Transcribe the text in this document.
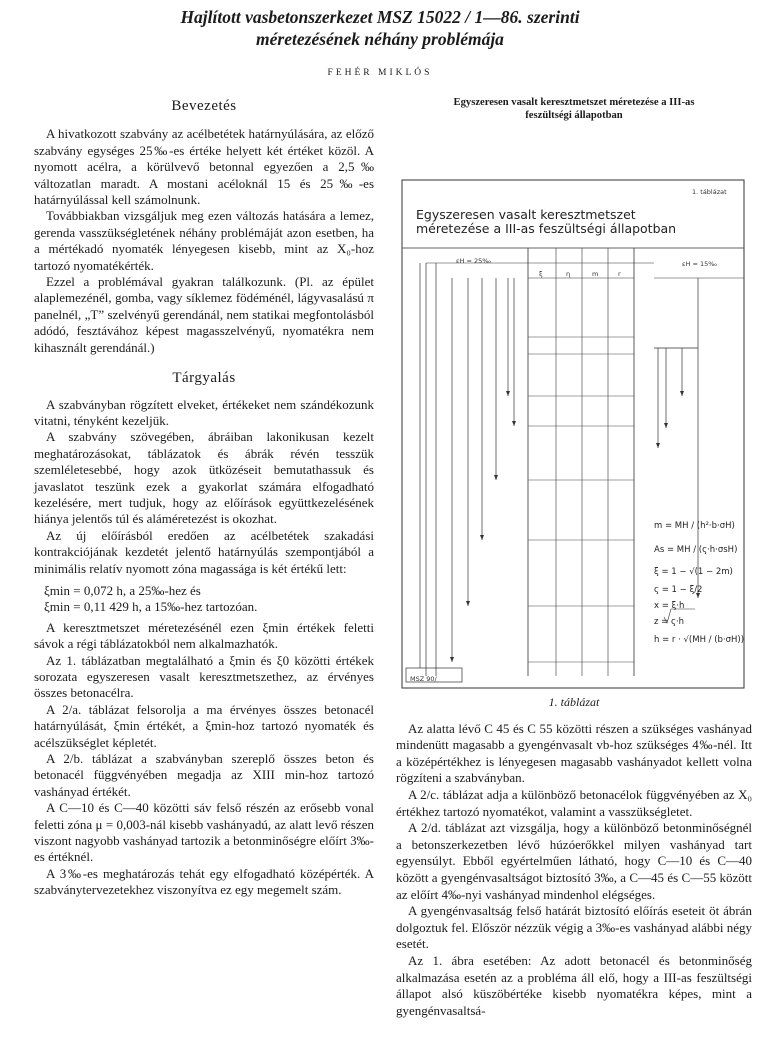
Hajlított vasbetonszerkezet MSZ 15022 / 1—86. szerinti
méretezésének néhány problémája
FEHÉR MIKLÓS
Bevezetés

A hivatkozott szabvány az acélbetétek határnyúlására, az előző szabvány egységes 25‰-es értéke helyett két értéket közöl. A nyomott acélra, a körülvevő betonnal egyezően a 2,5‰ változatlan maradt. A mostani acéloknál 15 és 25‰-es határnyúlással kell számolnunk.

Továbbiakban vizsgáljuk meg ezen változás hatására a lemez, gerenda vasszükségletének néhány problémáját azon esetben, ha a mértékadó nyomaték lényegesen kisebb, mint az X₀-hoz tartozó nyomatékérték.

Ezzel a problémával gyakran találkozunk. (Pl. az épület alaplemezénél, gomba, vagy síklemez födéménél, lágyvasalású π panelnél, „T” szelvényű gerendánál, nem statikai megfontolásból adódó, fesztávához képest magasszelvényű, nyomatékra nem kihasznált gerendánál.)

Tárgyalás

A szabványban rögzített elveket, értékeket nem szándékozunk vitatni, tényként kezeljük.

A szabvány szövegében, ábráiban lakonikusan kezelt meghatározásokat, táblázatok és ábrák révén tesszük szemléletesebbé, hogy azok ütközéseit bemutathassuk és javaslatot teszünk ezek a gyakorlat számára elfogadható kezelésére, mert tudjuk, hogy az előírások együttkezelésének hiánya jelentős túl és aláméretezést is okozhat.

Az új előírásból eredően az acélbetétek szakadási kontrakciójának kezdetét jelentő határnyúlás szempontjából a minimális relatív nyomott zóna magassága is két értékű lett:

ξmin = 0,072 h, a 25‰-hez és

ξmin = 0,11 429 h, a 15‰-hez tartozóan.

A keresztmetszet méretezésénél ezen ξmin értékek feletti sávok a régi táblázatokból nem alkalmazhatók.

Az 1. táblázatban megtalálható a ξmin és ξ0 közötti értékek sorozata egyszeresen vasalt keresztmetszethez, az érvényes összes betonacélra.

A 2/a. táblázat felsorolja a ma érvényes összes betonacél határnyúlását, ξmin értékét, a ξmin-hoz tartozó nyomaték és acélszükséglet képletét.

A 2/b. táblázat a szabványban szereplő összes beton és betonacél függvényében megadja az XIII min-hoz tartozó vashányad értékét.

A C—10 és C—40 közötti sáv felső részén az erősebb vonal feletti zóna μ = 0,003-nál kisebb vashányadú, az alatt levő részen viszont nagyobb vashányad tartozik a betonminőségre előírt 3‰-es értéknél.

A 3‰-es meghatározás tehát egy elfogadható középérték. A szabványtervezetekhez viszonyítva ez egy megemelt szám.

Egyszeresen vasalt keresztmetszet méretezése a III-as
feszültségi állapotban
1. táblázat
Egyszeresen vasalt keresztmetszet
méretezése a III-as feszültségi állapotban
εH = 25‰	εH = 15‰
ξ	η	m	r
MSZ 90/
m = MH / (h²·b·σH)
As = MH / (ς·h·σsH)
ξ = 1 − √(1 − 2m)
ς = 1 − ξ/2
x = ξ·h
z = ς·h
h = r · √(MH / (b·σH))
1. táblázat

Az alatta lévő C 45 és C 55 közötti részen a szükséges vashányad mindenütt magasabb a gyengénvasalt vb-hoz szükséges 4‰-nél. Itt a középértékhez is lényegesen magasabb vashányadot kellett volna rögzíteni a szabványban.

A 2/c. táblázat adja a különböző betonacélok függvényében az X₀ értékhez tartozó nyomatékot, valamint a vasszükségletet.

A 2/d. táblázat azt vizsgálja, hogy a különböző betonminőségnél a betonszerkezetben lévő húzóerőkkel milyen vashányad tart egyensúlyt. Ebből egyértelműen látható, hogy C—10 és C—40 között a gyengénvasaltságot biztosító 3‰, a C—45 és C—55 között az előírt 4‰-nyi vashányad mindenhol elégséges.

A gyengénvasaltság felső határát biztosító előírás eseteit öt ábrán dolgoztuk fel. Először nézzük végig a 3‰-es vashányad alábbi négy esetét.

Az 1. ábra esetében: Az adott betonacél és betonminőség alkalmazása esetén az a probléma áll elő, hogy a III-as feszültségi állapot alsó küszöbértéke kisebb nyomatékra képes, mint a gyengénvasaltsá-
